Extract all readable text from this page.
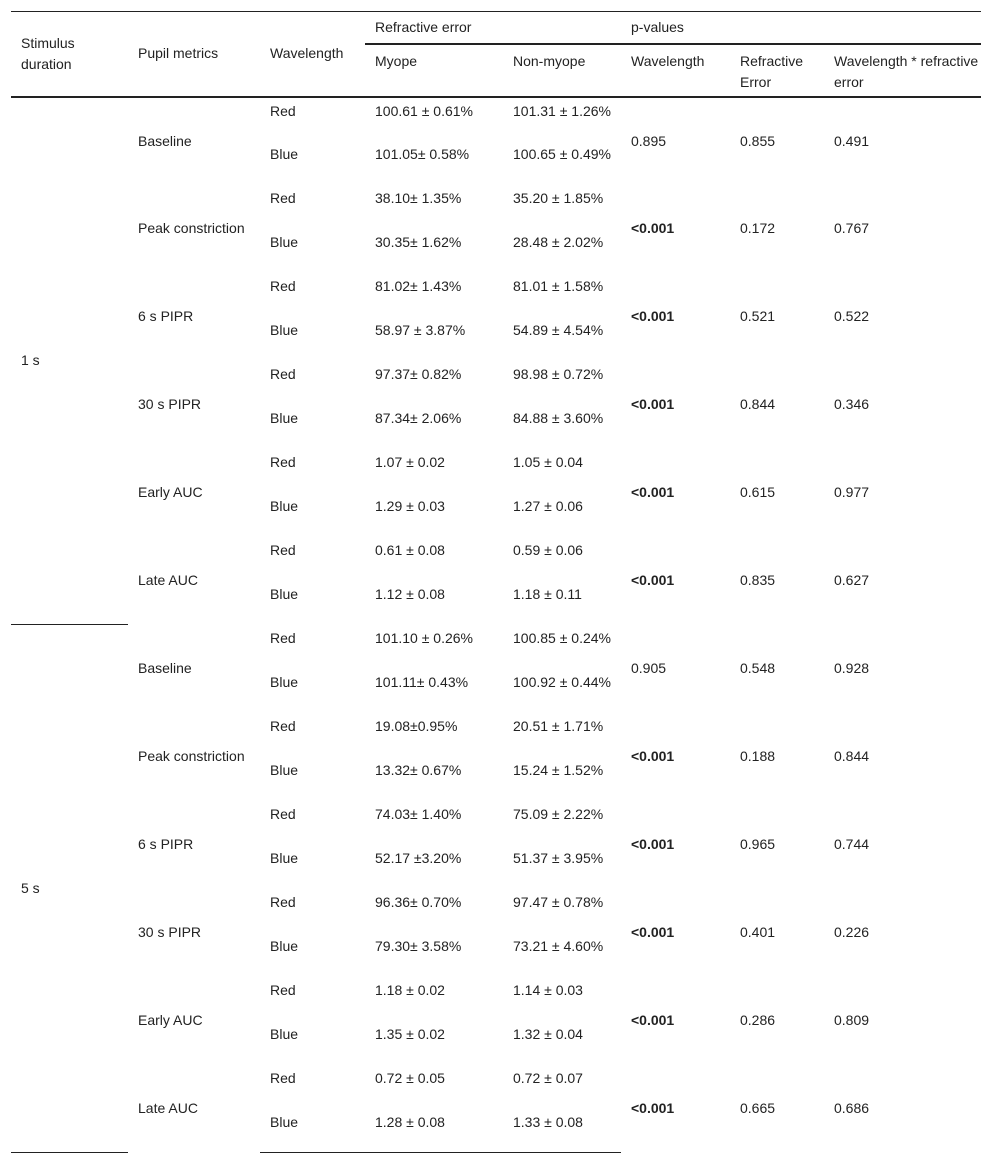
Stimulus duration	Pupil metrics	Wavelength	Refractive error		p-values		
			Myope	Non-myope	Wavelength	Refractive Error	Wavelength * refractive error
1 s	Baseline	Red	100.61 ± 0.61%	101.31 ± 1.26%	0.895	0.855	0.491
		Blue	101.05± 0.58%	100.65 ± 0.49%			
	Peak constriction	Red	38.10± 1.35%	35.20 ± 1.85%	<0.001	0.172	0.767
		Blue	30.35± 1.62%	28.48 ± 2.02%			
	6 s PIPR	Red	81.02± 1.43%	81.01 ± 1.58%	<0.001	0.521	0.522
		Blue	58.97 ± 3.87%	54.89 ± 4.54%			
	30 s PIPR	Red	97.37± 0.82%	98.98 ± 0.72%	<0.001	0.844	0.346
		Blue	87.34± 2.06%	84.88 ± 3.60%			
	Early AUC	Red	1.07 ± 0.02	1.05 ± 0.04	<0.001	0.615	0.977
		Blue	1.29 ± 0.03	1.27 ± 0.06			
	Late AUC	Red	0.61 ± 0.08	0.59 ± 0.06	<0.001	0.835	0.627
		Blue	1.12 ± 0.08	1.18 ± 0.11			
5 s	Baseline	Red	101.10 ± 0.26%	100.85 ± 0.24%	0.905	0.548	0.928
		Blue	101.11± 0.43%	100.92 ± 0.44%			
	Peak constriction	Red	19.08±0.95%	20.51 ± 1.71%	<0.001	0.188	0.844
		Blue	13.32± 0.67%	15.24 ± 1.52%			
	6 s PIPR	Red	74.03± 1.40%	75.09 ± 2.22%	<0.001	0.965	0.744
		Blue	52.17 ±3.20%	51.37 ± 3.95%			
	30 s PIPR	Red	96.36± 0.70%	97.47 ± 0.78%	<0.001	0.401	0.226
		Blue	79.30± 3.58%	73.21 ± 4.60%			
	Early AUC	Red	1.18 ± 0.02	1.14 ± 0.03	<0.001	0.286	0.809
		Blue	1.35 ± 0.02	1.32 ± 0.04			
	Late AUC	Red	0.72 ± 0.05	0.72 ± 0.07	<0.001	0.665	0.686
		Blue	1.28 ± 0.08	1.33 ± 0.08			
